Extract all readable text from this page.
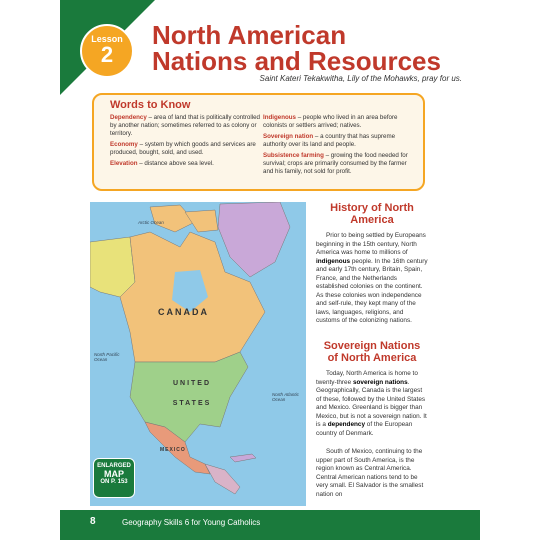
Lesson
2
North American
Nations and Resources
Saint Kateri Tekakwitha, Lily of the Mohawks, pray for us.
Words to Know
Dependency – area of land that is politically controlled by another nation; sometimes referred to as colony or territory.
Economy – system by which goods and services are produced, bought, sold, and used.
Elevation – distance above sea level.
Indigenous – people who lived in an area before colonists or settlers arrived; natives.
Sovereign nation – a country that has supreme authority over its land and people.
Subsistence farming – growing the food needed for survival; crops are primarily consumed by the farmer and his family, not sold for profit.
CANADA
UNITED STATES
MEXICO
Arctic Ocean
North Pacific Ocean
North Atlantic Ocean
ENLARGED
MAP
ON P. 153
History of North
America
Prior to being settled by Europeans beginning in the 15th century, North America was home to millions of indigenous people. In the 16th century and early 17th century, Britain, Spain, France, and the Netherlands established colonies on the continent. As these colonies won independence and self-rule, they kept many of the laws, languages, religions, and customs of the colonizing nations.
Sovereign Nations
of North America
Today, North America is home to twenty-three sovereign nations. Geographically, Canada is the largest of these, followed by the United States and Mexico. Greenland is bigger than Mexico, but is not a sovereign nation. It is a dependency of the European country of Denmark.
South of Mexico, continuing to the upper part of South America, is the region known as Central America. Central American nations tend to be very small. El Salvador is the smallest nation on
8	Geography Skills 6 for Young Catholics
